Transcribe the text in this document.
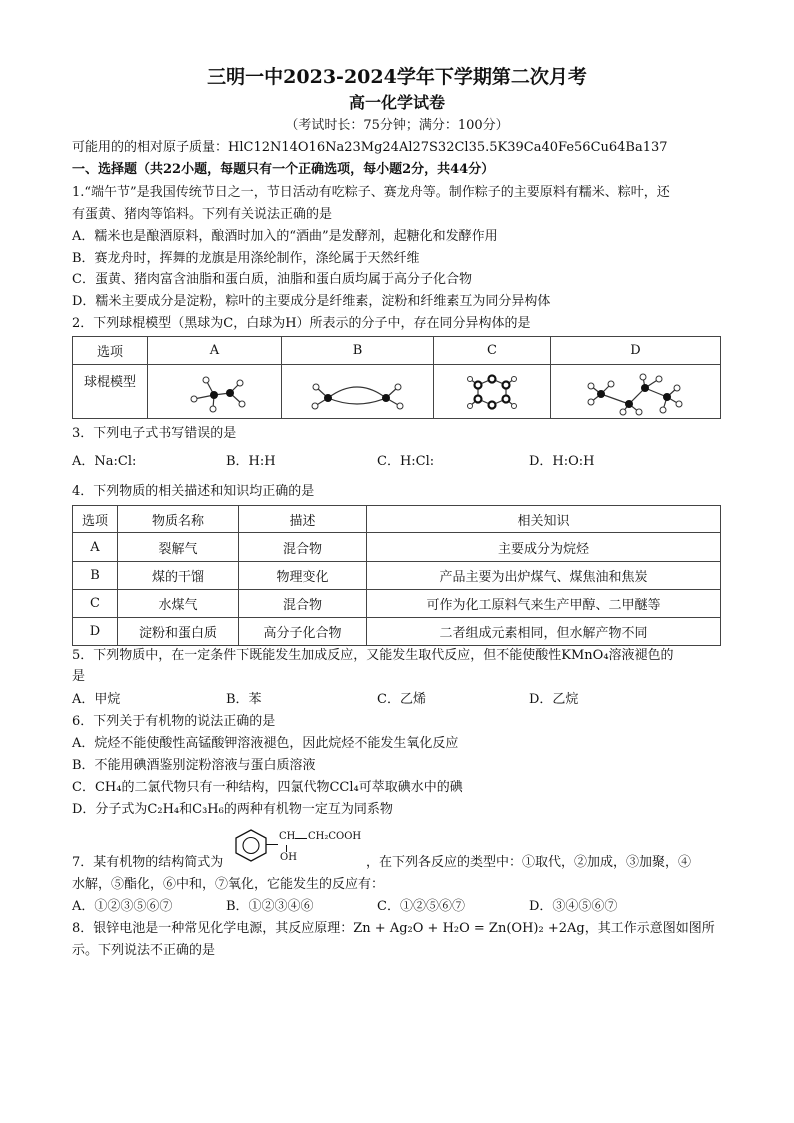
三明一中2023-2024学年下学期第二次月考
高一化学试卷
（考试时长：75分钟；满分：100分）
可能用的的相对原子质量：HlC12N14O16Na23Mg24Al27S32Cl35.5K39Ca40Fe56Cu64Ba137
一、选择题（共22小题，每题只有一个正确选项，每小题2分，共44分）
1.“端午节”是我国传统节日之一，节日活动有吃粽子、赛龙舟等。制作粽子的主要原料有糯米、粽叶，还
有蛋黄、猪肉等馅料。下列有关说法正确的是
A．糯米也是酿酒原料，酿酒时加入的“酒曲”是发酵剂，起糖化和发酵作用
B．赛龙舟时，挥舞的龙旗是用涤纶制作，涤纶属于天然纤维
C．蛋黄、猪肉富含油脂和蛋白质，油脂和蛋白质均属于高分子化合物
D．糯米主要成分是淀粉，粽叶的主要成分是纤维素，淀粉和纤维素互为同分异构体
2．下列球棍模型（黑球为C，白球为H）所表示的分子中，存在同分异构体的是
选项	A	B	C	D
球棍模型	

3．下列电子式书写错误的是
A．Na:Cl:	B．H:H	C．H:Cl:	D．H:O:H
4．下列物质的相关描述和知识均正确的是
选项	物质名称	描述	相关知识
A	裂解气	混合物	主要成分为烷烃
B	煤的干馏	物理变化	产品主要为出炉煤气、煤焦油和焦炭
C	水煤气	混合物	可作为化工原料气来生产甲醇、二甲醚等
D	淀粉和蛋白质	高分子化合物	二者组成元素相同，但水解产物不同
5．下列物质中，在一定条件下既能发生加成反应，又能发生取代反应，但不能使酸性KMnO₄溶液褪色的
是
A．甲烷	B．苯	C．乙烯	D．乙烷
6．下列关于有机物的说法正确的是
A．烷烃不能使酸性高锰酸钾溶液褪色，因此烷烃不能发生氧化反应
B．不能用碘酒鉴别淀粉溶液与蛋白质溶液
C．CH₄的二氯代物只有一种结构，四氯代物CCl₄可萃取碘水中的碘
D．分子式为C₂H₄和C₃H₆的两种有机物一定互为同系物
CH CH₂COOH
OH
7．某有机物的结构简式为	，在下列各反应的类型中：①取代，②加成，③加聚，④
水解，⑤酯化，⑥中和，⑦氧化，它能发生的反应有：
A．①②③⑤⑥⑦	B．①②③④⑥	C．①②⑤⑥⑦	D．③④⑤⑥⑦
8．银锌电池是一种常见化学电源，其反应原理：Zn + Ag₂O + H₂O = Zn(OH)₂ +2Ag，其工作示意图如图所
示。下列说法不正确的是
